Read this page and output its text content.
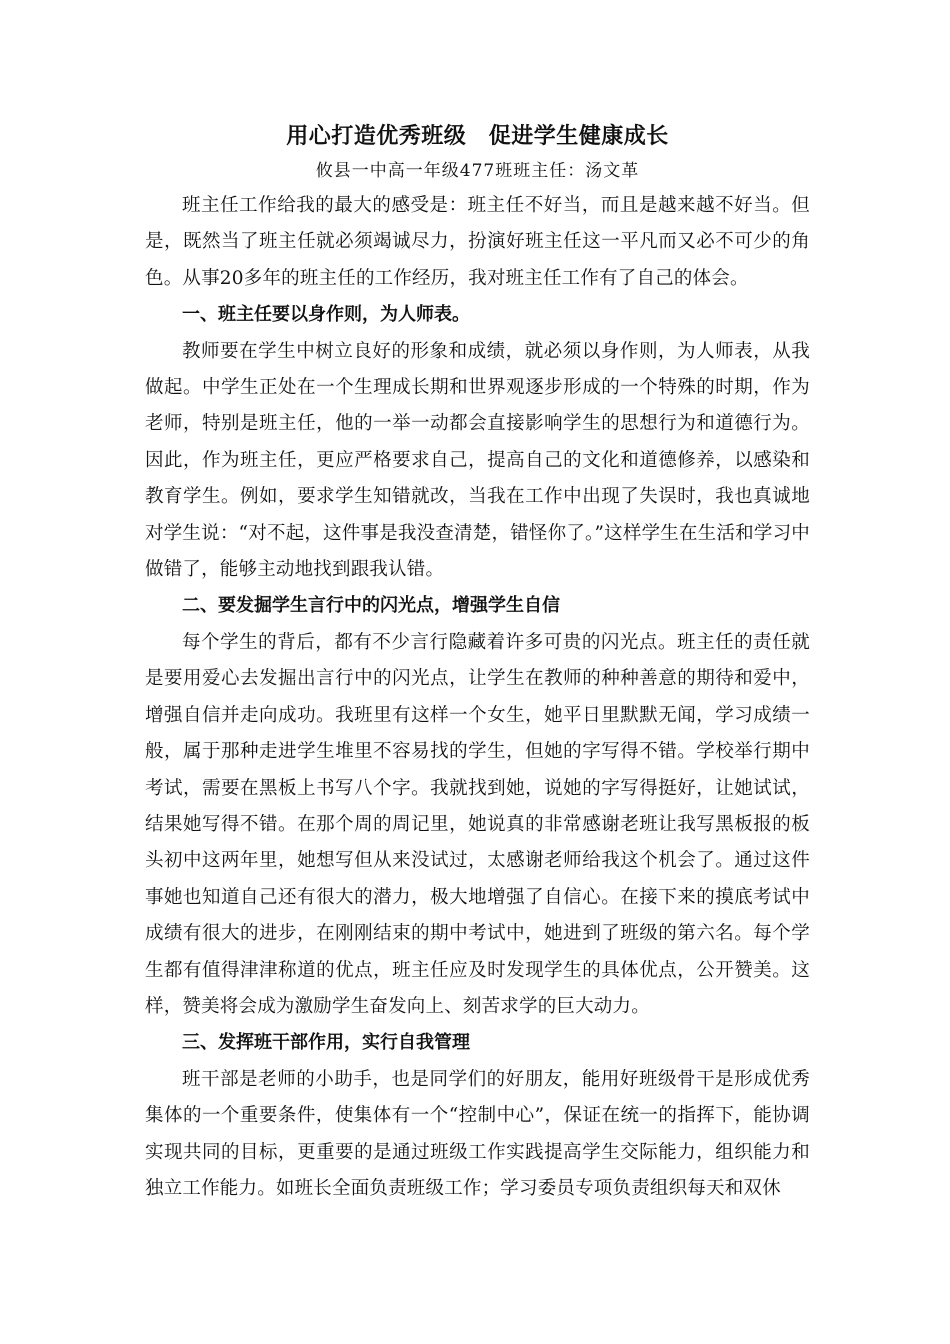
用心打造优秀班级　促进学生健康成长

攸县一中高一年级477班班主任：汤文革

班主任工作给我的最大的感受是：班主任不好当，而且是越来越不好当。但是，既然当了班主任就必须竭诚尽力，扮演好班主任这一平凡而又必不可少的角色。从事20多年的班主任的工作经历，我对班主任工作有了自己的体会。

一、班主任要以身作则，为人师表。

教师要在学生中树立良好的形象和成绩，就必须以身作则，为人师表，从我做起。中学生正处在一个生理成长期和世界观逐步形成的一个特殊的时期，作为老师，特别是班主任，他的一举一动都会直接影响学生的思想行为和道德行为。因此，作为班主任，更应严格要求自己，提高自己的文化和道德修养，以感染和教育学生。例如，要求学生知错就改，当我在工作中出现了失误时，我也真诚地对学生说：“对不起，这件事是我没查清楚，错怪你了。”这样学生在生活和学习中做错了，能够主动地找到跟我认错。

二、要发掘学生言行中的闪光点，增强学生自信

每个学生的背后，都有不少言行隐藏着许多可贵的闪光点。班主任的责任就是要用爱心去发掘出言行中的闪光点，让学生在教师的种种善意的期待和爱中，增强自信并走向成功。我班里有这样一个女生，她平日里默默无闻，学习成绩一般，属于那种走进学生堆里不容易找的学生，但她的字写得不错。学校举行期中考试，需要在黑板上书写八个字。我就找到她，说她的字写得挺好，让她试试，结果她写得不错。在那个周的周记里，她说真的非常感谢老班让我写黑板报的板头初中这两年里，她想写但从来没试过，太感谢老师给我这个机会了。通过这件事她也知道自己还有很大的潜力，极大地增强了自信心。在接下来的摸底考试中成绩有很大的进步，在刚刚结束的期中考试中，她进到了班级的第六名。每个学生都有值得津津称道的优点，班主任应及时发现学生的具体优点，公开赞美。这样，赞美将会成为激励学生奋发向上、刻苦求学的巨大动力。

三、发挥班干部作用，实行自我管理

班干部是老师的小助手，也是同学们的好朋友，能用好班级骨干是形成优秀集体的一个重要条件，使集体有一个“控制中心”，保证在统一的指挥下，能协调实现共同的目标，更重要的是通过班级工作实践提高学生交际能力，组织能力和独立工作能力。如班长全面负责班级工作；学习委员专项负责组织每天和双休
